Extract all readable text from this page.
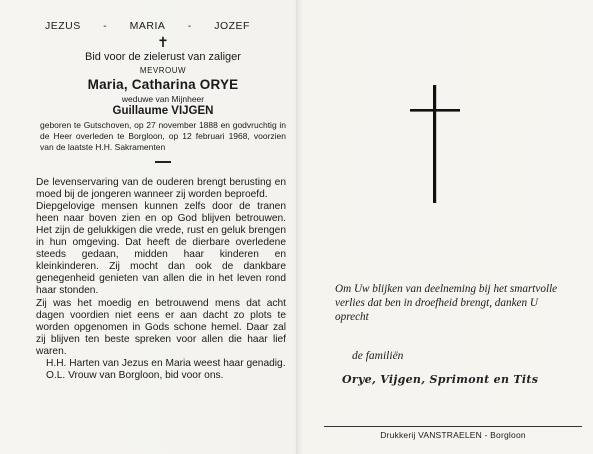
JEZUS - MARIA - JOZEF
✝
Bid voor de zielerust van zaliger
MEVROUW
Maria, Catharina ORYE
weduwe van Mijnheer
Guillaume VIJGEN
geboren te Gutschoven, op 27 november 1888 en godvruchtig in de Heer overleden te Borgloon, op 12 februari 1968, voorzien van de laatste H.H. Sakramenten

De levenservaring van de ouderen brengt berusting en moed bij de jongeren wanneer zij worden beproefd.

Diepgelovige mensen kunnen zelfs door de tranen heen naar boven zien en op God blijven betrouwen. Het zijn de gelukkigen die vrede, rust en geluk brengen in hun omgeving. Dat heeft de dierbare overledene steeds gedaan, midden haar kinderen en kleinkinderen. Zij mocht dan ook de dankbare genegenheid genieten van allen die in het leven rond haar stonden.

Zij was het moedig en betrouwend mens dat acht dagen voordien niet eens er aan dacht zo plots te worden opgenomen in Gods schone hemel. Daar zal zij blijven ten beste spreken voor allen die haar lief waren.

H.H. Harten van Jezus en Maria weest haar genadig.

O.L. Vrouw van Borgloon, bid voor ons.

Om Uw blijken van deelneming bij het smartvolle verlies dat ben in droefheid brengt, danken U oprecht
de familiën
Orye, Vijgen, Sprimont en Tits
Drukkerij VANSTRAELEN - Borgloon
